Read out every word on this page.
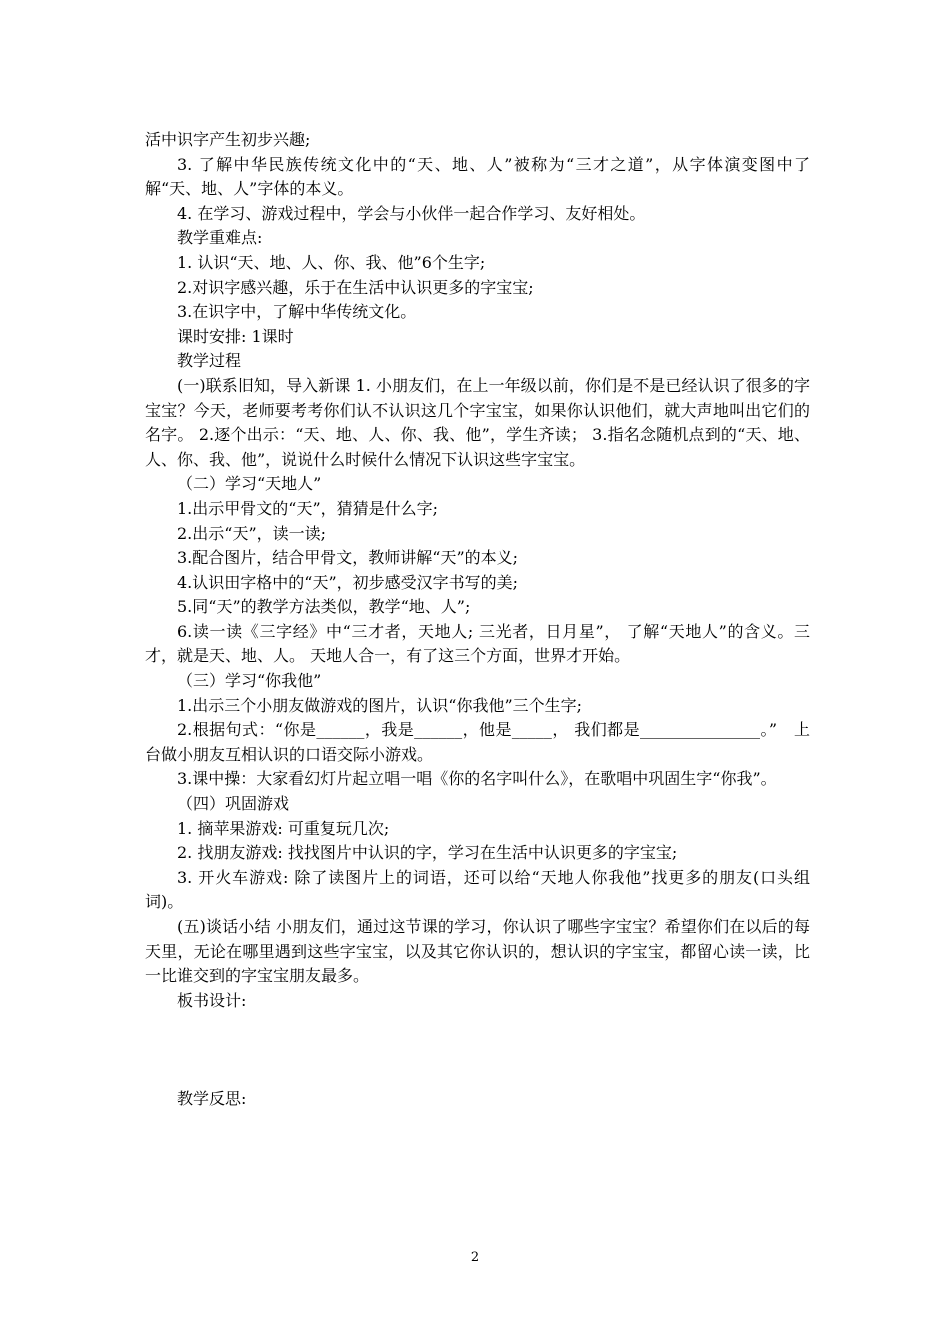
活中识字产生初步兴趣;

3. 了解中华民族传统文化中的“天、地、人”被称为“三才之道”，从字体演变图中了解“天、地、人”字体的本义。

4. 在学习、游戏过程中，学会与小伙伴一起合作学习、友好相处。

教学重难点:

1. 认识“天、地、人、你、我、他”6个生字;

2.对识字感兴趣，乐于在生活中认识更多的字宝宝;

3.在识字中，了解中华传统文化。

课时安排: 1课时

教学过程

(一)联系旧知，导入新课 1. 小朋友们，在上一年级以前，你们是不是已经认识了很多的字宝宝？今天，老师要考考你们认不认识这几个字宝宝，如果你认识他们，就大声地叫出它们的名字。 2.逐个出示：“天、地、人、你、我、他”，学生齐读； 3.指名念随机点到的“天、地、人、你、我、他”，说说什么时候什么情况下认识这些字宝宝。

（二）学习“天地人”

1.出示甲骨文的“天”，猜猜是什么字;

2.出示“天”，读一读;

3.配合图片，结合甲骨文，教师讲解“天”的本义;

4.认识田字格中的“天”，初步感受汉字书写的美;

5.同“天”的教学方法类似，教学“地、人”;

6.读一读《三字经》中“三才者，天地人; 三光者，日月星”， 了解“天地人”的含义。三才，就是天、地、人。 天地人合一，有了这三个方面，世界才开始。

（三）学习“你我他”

1.出示三个小朋友做游戏的图片，认识“你我他”三个生字;

2.根据句式：“你是______，我是______，他是_____， 我们都是_______________。”　上台做小朋友互相认识的口语交际小游戏。

3.课中操：大家看幻灯片起立唱一唱《你的名字叫什么》，在歌唱中巩固生字“你我”。

（四）巩固游戏

1. 摘苹果游戏: 可重复玩几次;

2. 找朋友游戏: 找找图片中认识的字，学习在生活中认识更多的字宝宝;

3. 开火车游戏: 除了读图片上的词语，还可以给“天地人你我他”找更多的朋友(口头组词)。

(五)谈话小结 小朋友们，通过这节课的学习，你认识了哪些字宝宝？希望你们在以后的每天里，无论在哪里遇到这些字宝宝，以及其它你认识的，想认识的字宝宝，都留心读一读，比一比谁交到的字宝宝朋友最多。

板书设计:

教学反思:

2
